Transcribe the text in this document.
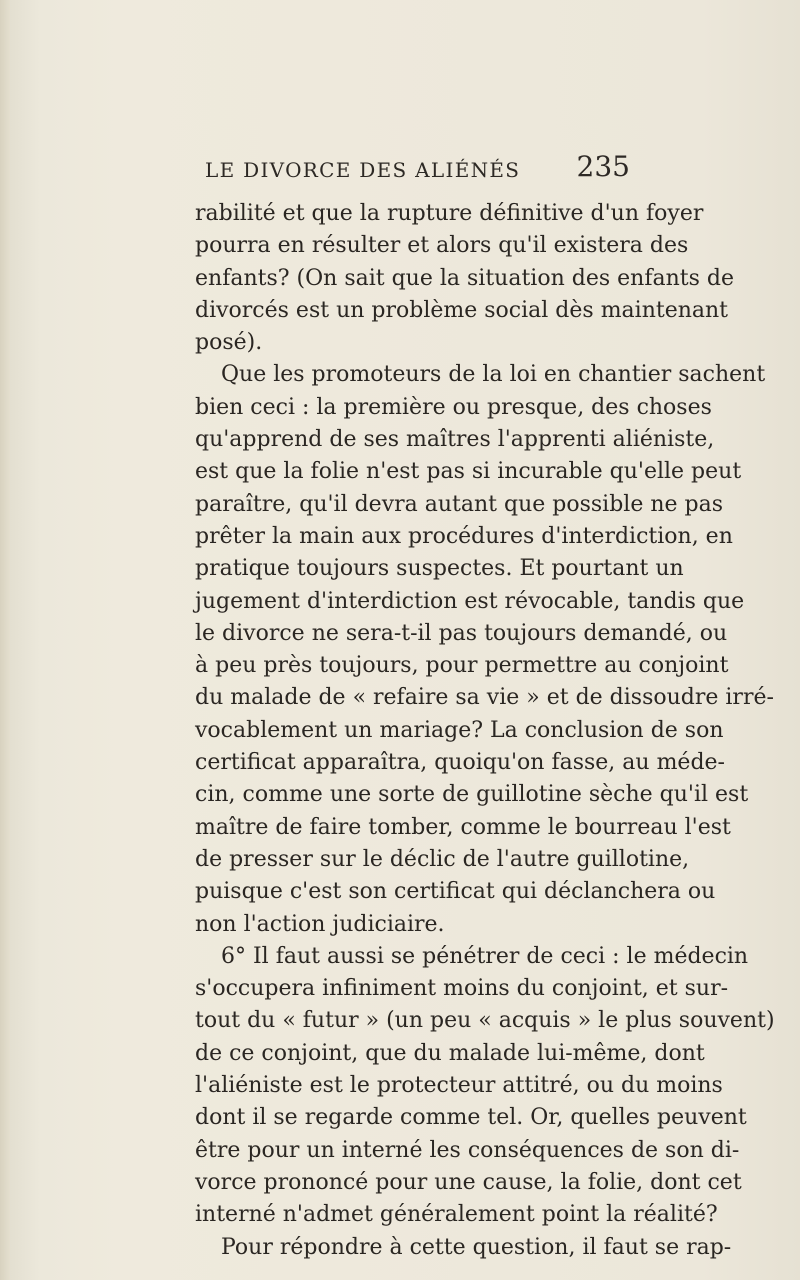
LE DIVORCE DES ALIÉNÉS 235
rabilité et que la rupture définitive d'un foyer
pourra en résulter et alors qu'il existera des
enfants? (On sait que la situation des enfants de
divorcés est un problème social dès maintenant
posé).
Que les promoteurs de la loi en chantier sachent
bien ceci : la première ou presque, des choses
qu'apprend de ses maîtres l'apprenti aliéniste,
est que la folie n'est pas si incurable qu'elle peut
paraître, qu'il devra autant que possible ne pas
prêter la main aux procédures d'interdiction, en
pratique toujours suspectes. Et pourtant un
jugement d'interdiction est révocable, tandis que
le divorce ne sera-t-il pas toujours demandé, ou
à peu près toujours, pour permettre au conjoint
du malade de « refaire sa vie » et de dissoudre irré-
vocablement un mariage? La conclusion de son
certificat apparaîtra, quoiqu'on fasse, au méde-
cin, comme une sorte de guillotine sèche qu'il est
maître de faire tomber, comme le bourreau l'est
de presser sur le déclic de l'autre guillotine,
puisque c'est son certificat qui déclanchera ou
non l'action judiciaire.
6° Il faut aussi se pénétrer de ceci : le médecin
s'occupera infiniment moins du conjoint, et sur-
tout du « futur » (un peu « acquis » le plus souvent)
de ce conjoint, que du malade lui-même, dont
l'aliéniste est le protecteur attitré, ou du moins
dont il se regarde comme tel. Or, quelles peuvent
être pour un interné les conséquences de son di-
vorce prononcé pour une cause, la folie, dont cet
interné n'admet généralement point la réalité?
Pour répondre à cette question, il faut se rap-
